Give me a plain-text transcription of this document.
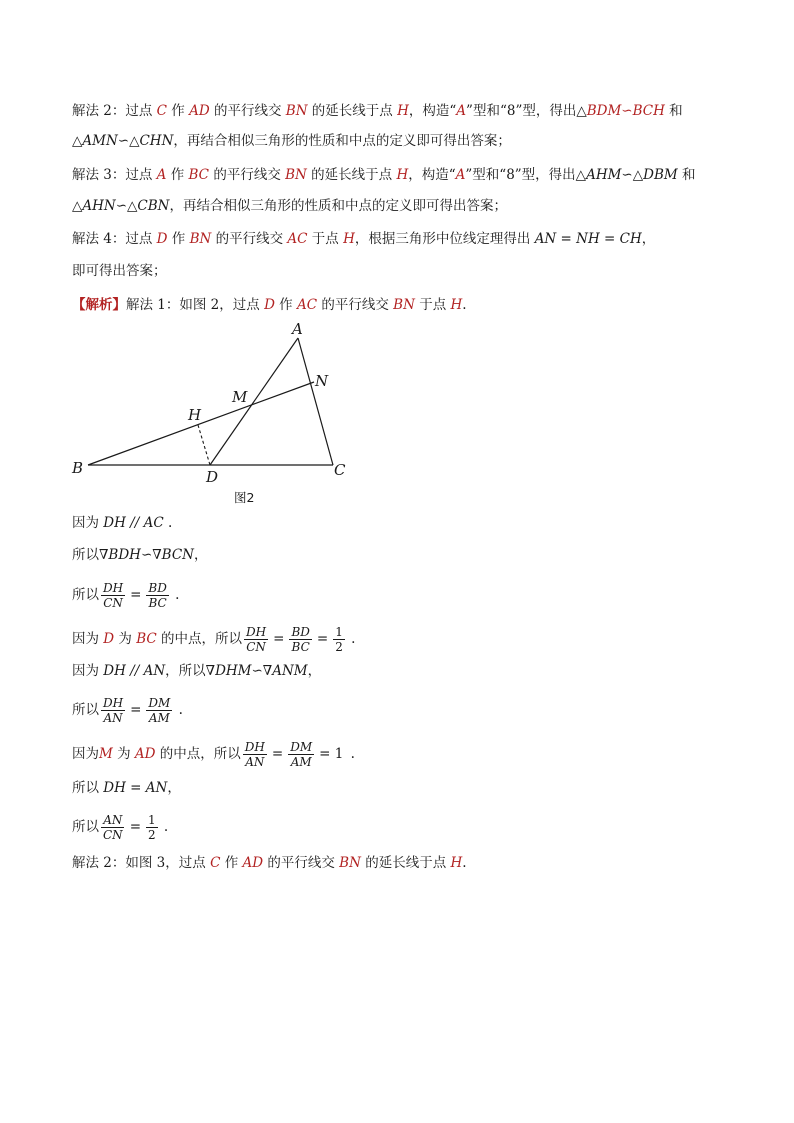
解法 2：过点 C 作 AD 的平行线交 BN 的延长线于点 H，构造“A”型和“8”型，得出△BDM∽BCH 和
△AMN∽△CHN，再结合相似三角形的性质和中点的定义即可得出答案；
解法 3：过点 A 作 BC 的平行线交 BN 的延长线于点 H，构造“A”型和“8”型，得出△AHM∽△DBM 和
△AHN∽△CBN，再结合相似三角形的性质和中点的定义即可得出答案；
解法 4：过点 D 作 BN 的平行线交 AC 于点 H，根据三角形中位线定理得出 AN = NH = CH，
即可得出答案；
【解析】解法 1：如图 2，过点 D 作 AC 的平行线交 BN 于点 H.
A
N
M
H
B	D	C
图2
因为 DH // AC .
所以∇BDH∽∇BCN，
所以 $\frac{DH}{CN} = \frac{BD}{BC}$ .
因为 D 为 BC 的中点，所以 $\frac{DH}{CN} = \frac{BD}{BC} = \frac{1}{2}$ .
因为 DH // AN，所以∇DHM∽∇ANM，
所以 $\frac{DH}{AN} = \frac{DM}{AM}$ .
因为M 为 AD 的中点，所以 $\frac{DH}{AN} = \frac{DM}{AM} = 1$ .
所以 DH = AN，
所以 $\frac{AN}{CN} = \frac{1}{2}$ .
解法 2：如图 3，过点 C 作 AD 的平行线交 BN 的延长线于点 H.
